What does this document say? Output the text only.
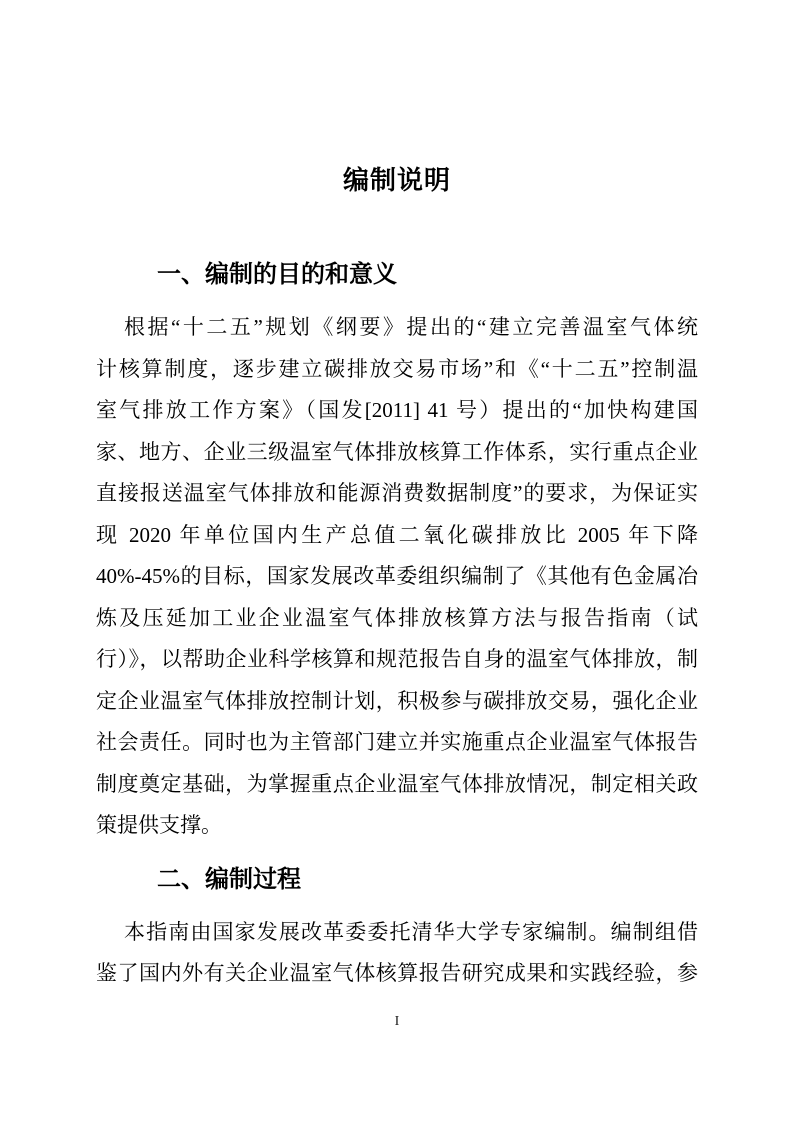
编制说明
一、编制的目的和意义
根据“十二五”规划《纲要》提出的“建立完善温室气体统
计核算制度，逐步建立碳排放交易市场”和《“十二五”控制温
室气排放工作方案》（国发[2011] 41 号）提出的“加快构建国
家、地方、企业三级温室气体排放核算工作体系，实行重点企业
直接报送温室气体排放和能源消费数据制度”的要求，为保证实
现 2020 年单位国内生产总值二氧化碳排放比 2005 年下降
40%-45%的目标，国家发展改革委组织编制了《其他有色金属冶
炼及压延加工业企业温室气体排放核算方法与报告指南（试
行）》，以帮助企业科学核算和规范报告自身的温室气体排放，制
定企业温室气体排放控制计划，积极参与碳排放交易，强化企业
社会责任。同时也为主管部门建立并实施重点企业温室气体报告
制度奠定基础，为掌握重点企业温室气体排放情况，制定相关政
策提供支撑。
二、编制过程
本指南由国家发展改革委委托清华大学专家编制。编制组借
鉴了国内外有关企业温室气体核算报告研究成果和实践经验，参
I
